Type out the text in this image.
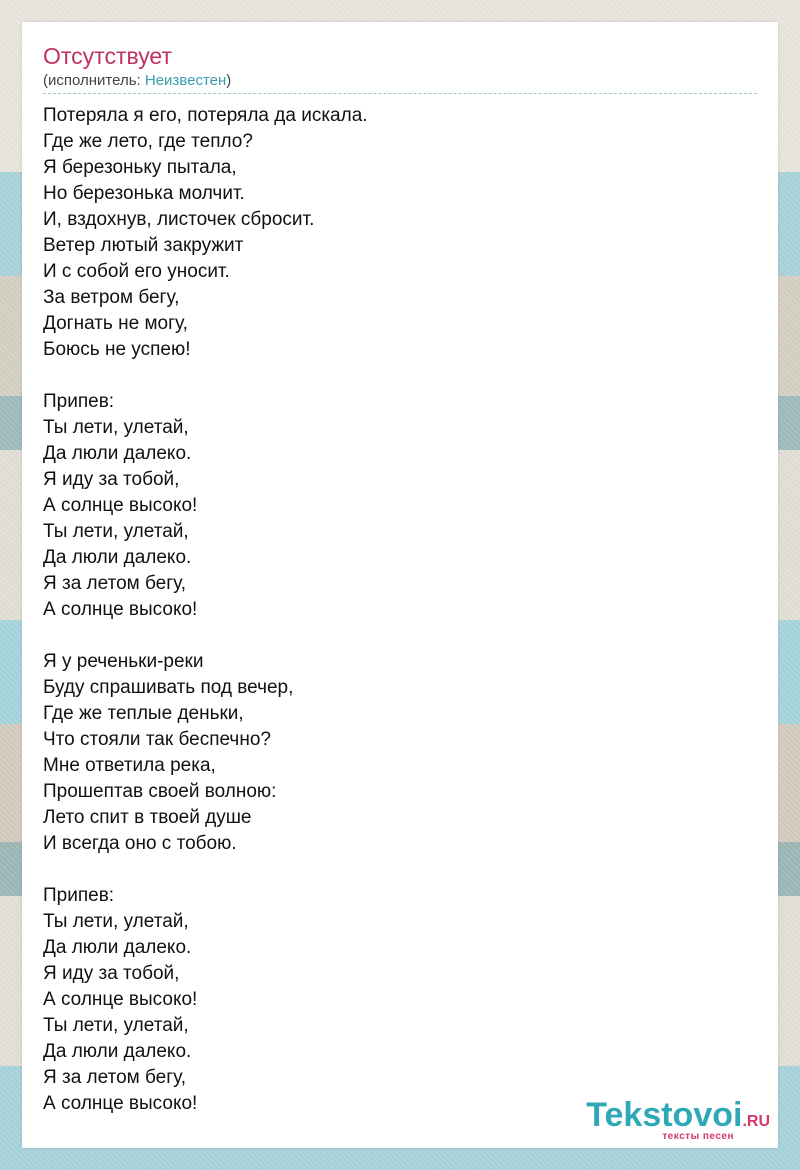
Отсутствует
(исполнитель: Неизвестен)
Потеряла я его, потеряла да искала.
Где же лето, где тепло?
Я березоньку пытала,
Но березонька молчит.
И, вздохнув, листочек сбросит.
Ветер лютый закружит
И с собой его уносит.
За ветром бегу,
Догнать не могу,
Боюсь не успею!
Припев:
Ты лети, улетай,
Да люли далеко.
Я иду за тобой,
А солнце высоко!
Ты лети, улетай,
Да люли далеко.
Я за летом бегу,
А солнце высоко!
Я у реченьки-реки
Буду спрашивать под вечер,
Где же теплые деньки,
Что стояли так беспечно?
Мне ответила река,
Прошептав своей волною:
Лето спит в твоей душе
И всегда оно с тобою.
Припев:
Ты лети, улетай,
Да люли далеко.
Я иду за тобой,
А солнце высоко!
Ты лети, улетай,
Да люли далеко.
Я за летом бегу,
А солнце высоко!	Tekstovoi.RU
тексты песен
